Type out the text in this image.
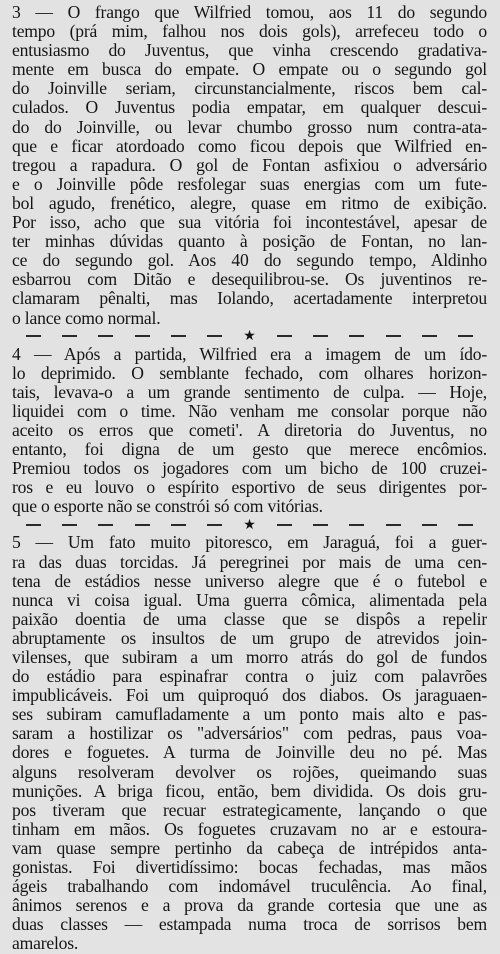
3 — O frango que Wilfried tomou, aos 11 do segundo

tempo (prá mim, falhou nos dois gols), arrefeceu todo o

entusiasmo do Juventus, que vinha crescendo gradativa-

mente em busca do empate. O empate ou o segundo gol

do Joinville seriam, circunstancialmente, riscos bem cal-

culados. O Juventus podia empatar, em qualquer descui-

do do Joinville, ou levar chumbo grosso num contra-ata-

que e ficar atordoado como ficou depois que Wilfried en-

tregou a rapadura. O gol de Fontan asfixiou o adversário

e o Joinville pôde resfolegar suas energias com um fute-

bol agudo, frenético, alegre, quase em ritmo de exibição.

Por isso, acho que sua vitória foi incontestável, apesar de

ter minhas dúvidas quanto à posição de Fontan, no lan-

ce do segundo gol. Aos 40 do segundo tempo, Aldinho

esbarrou com Ditão e desequilibrou-se. Os juventinos re-

clamaram pênalti, mas Iolando, acertadamente interpretou

o lance como normal.

★

4 — Após a partida, Wilfried era a imagem de um ído-

lo deprimido. O semblante fechado, com olhares horizon-

tais, levava-o a um grande sentimento de culpa. — Hoje,

liquidei com o time. Não venham me consolar porque não

aceito os erros que cometi'. A diretoria do Juventus, no

entanto, foi digna de um gesto que merece encômios.

Premiou todos os jogadores com um bicho de 100 cruzei-

ros e eu louvo o espírito esportivo de seus dirigentes por-

que o esporte não se constrói só com vitórias.

★

5 — Um fato muito pitoresco, em Jaraguá, foi a guer-

ra das duas torcidas. Já peregrinei por mais de uma cen-

tena de estádios nesse universo alegre que é o futebol e

nunca vi coisa igual. Uma guerra cômica, alimentada pela

paixão doentia de uma classe que se dispôs a repelir

abruptamente os insultos de um grupo de atrevidos join-

vilenses, que subiram a um morro atrás do gol de fundos

do estádio para espinafrar contra o juiz com palavrões

impublicáveis. Foi um quiproquó dos diabos. Os jaraguaen-

ses subiram camufladamente a um ponto mais alto e pas-

saram a hostilizar os "adversários" com pedras, paus voa-

dores e foguetes. A turma de Joinville deu no pé. Mas

alguns resolveram devolver os rojões, queimando suas

munições. A briga ficou, então, bem dividida. Os dois gru-

pos tiveram que recuar estrategicamente, lançando o que

tinham em mãos. Os foguetes cruzavam no ar e estoura-

vam quase sempre pertinho da cabeça de intrépidos anta-

gonistas. Foi divertidíssimo: bocas fechadas, mas mãos

ágeis trabalhando com indomável truculência. Ao final,

ânimos serenos e a prova da grande cortesia que une as

duas classes — estampada numa troca de sorrisos bem

amarelos.
